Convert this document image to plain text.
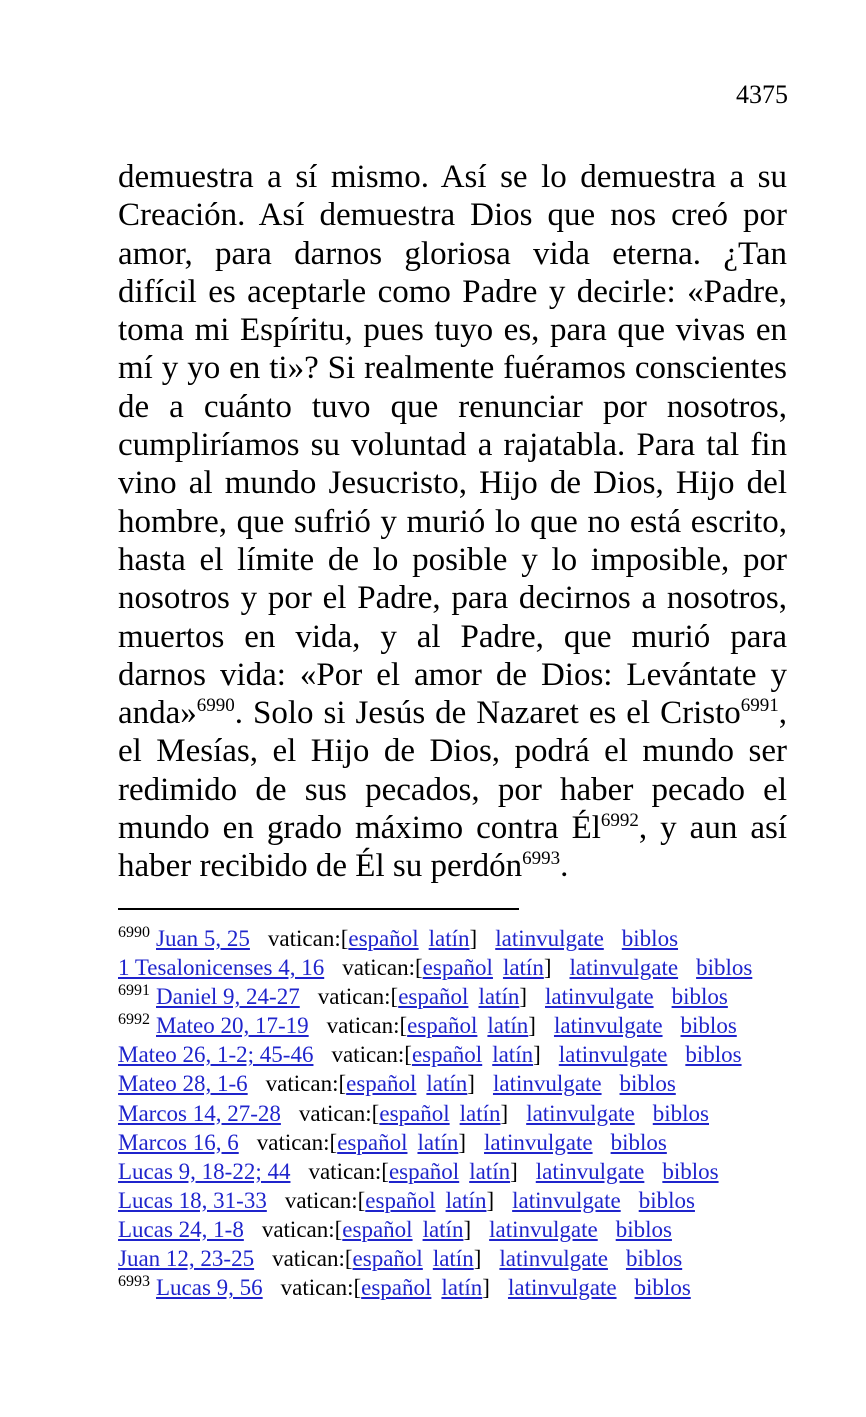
4375

demuestra a sí mismo. Así se lo demuestra a su Creación. Así demuestra Dios que nos creó por amor, para darnos gloriosa vida eterna. ¿Tan difícil es aceptarle como Padre y decirle: «Padre, toma mi Espíritu, pues tuyo es, para que vivas en mí y yo en ti»? Si realmente fuéramos conscientes de a cuánto tuvo que renunciar por nosotros, cumpliríamos su voluntad a rajatabla. Para tal fin vino al mundo Jesucristo, Hijo de Dios, Hijo del hombre, que sufrió y murió lo que no está escrito, hasta el límite de lo posible y lo imposible, por nosotros y por el Padre, para decirnos a nosotros, muertos en vida, y al Padre, que murió para darnos vida: «Por el amor de Dios: Levántate y anda»$^{6990}$. Solo si Jesús de Nazaret es el Cristo$^{6991}$, el Mesías, el Hijo de Dios, podrá el mundo ser redimido de sus pecados, por haber pecado el mundo en grado máximo contra $Él^{6992}$, y aun así haber recibido de Él su perdón$^{6993}$.

$^{6990}$ Juan 5, 25 vatican:[español latín] latinvulgate biblos
1 Tesalonicenses 4, 16 vatican:[español latín] latinvulgate biblos
$^{6991}$ Daniel 9, 24-27 vatican:[español latín] latinvulgate biblos
$^{6992}$ Mateo 20, 17-19 vatican:[español latín] latinvulgate biblos
Mateo 26, 1-2; 45-46 vatican:[español latín] latinvulgate biblos
Mateo 28, 1-6 vatican:[español latín] latinvulgate biblos
Marcos 14, 27-28 vatican:[español latín] latinvulgate biblos
Marcos 16, 6 vatican:[español latín] latinvulgate biblos
Lucas 9, 18-22; 44 vatican:[español latín] latinvulgate biblos
Lucas 18, 31-33 vatican:[español latín] latinvulgate biblos
Lucas 24, 1-8 vatican:[español latín] latinvulgate biblos
Juan 12, 23-25 vatican:[español latín] latinvulgate biblos
$^{6993}$ Lucas 9, 56 vatican:[español latín] latinvulgate biblos
